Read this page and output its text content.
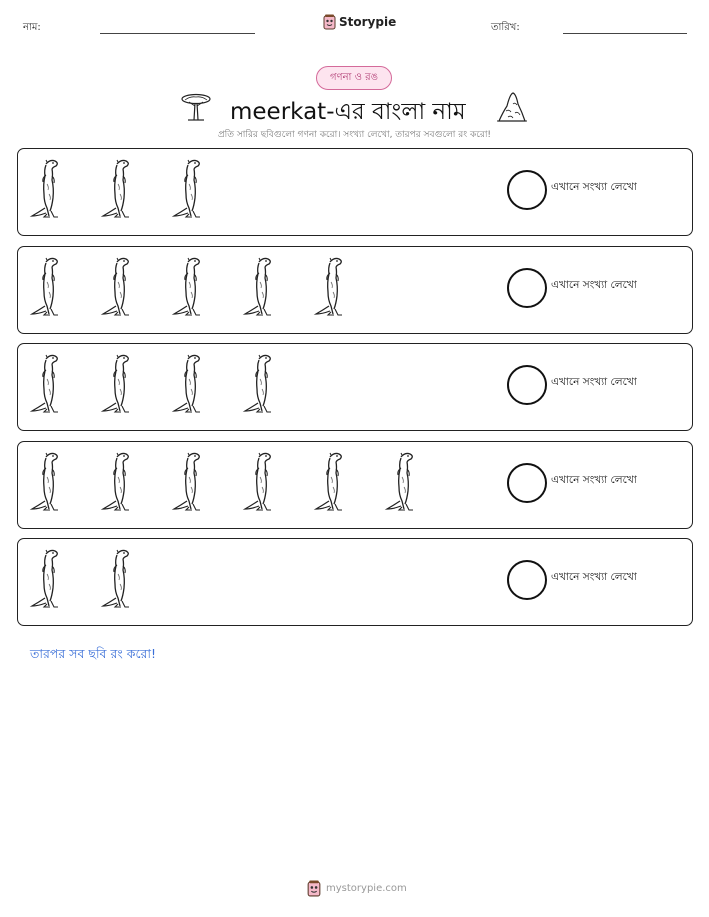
নাম:	Storypie	তারিখ:
গণনা ও রঙ
meerkat-এর বাংলা নাম
প্রতি সারির ছবিগুলো গণনা করো। সংখ্যা লেখো, তারপর সবগুলো রং করো!
এখানে সংখ্যা লেখো
এখানে সংখ্যা লেখো
এখানে সংখ্যা লেখো
এখানে সংখ্যা লেখো
এখানে সংখ্যা লেখো
তারপর সব ছবি রং করো!
mystorypie.com
